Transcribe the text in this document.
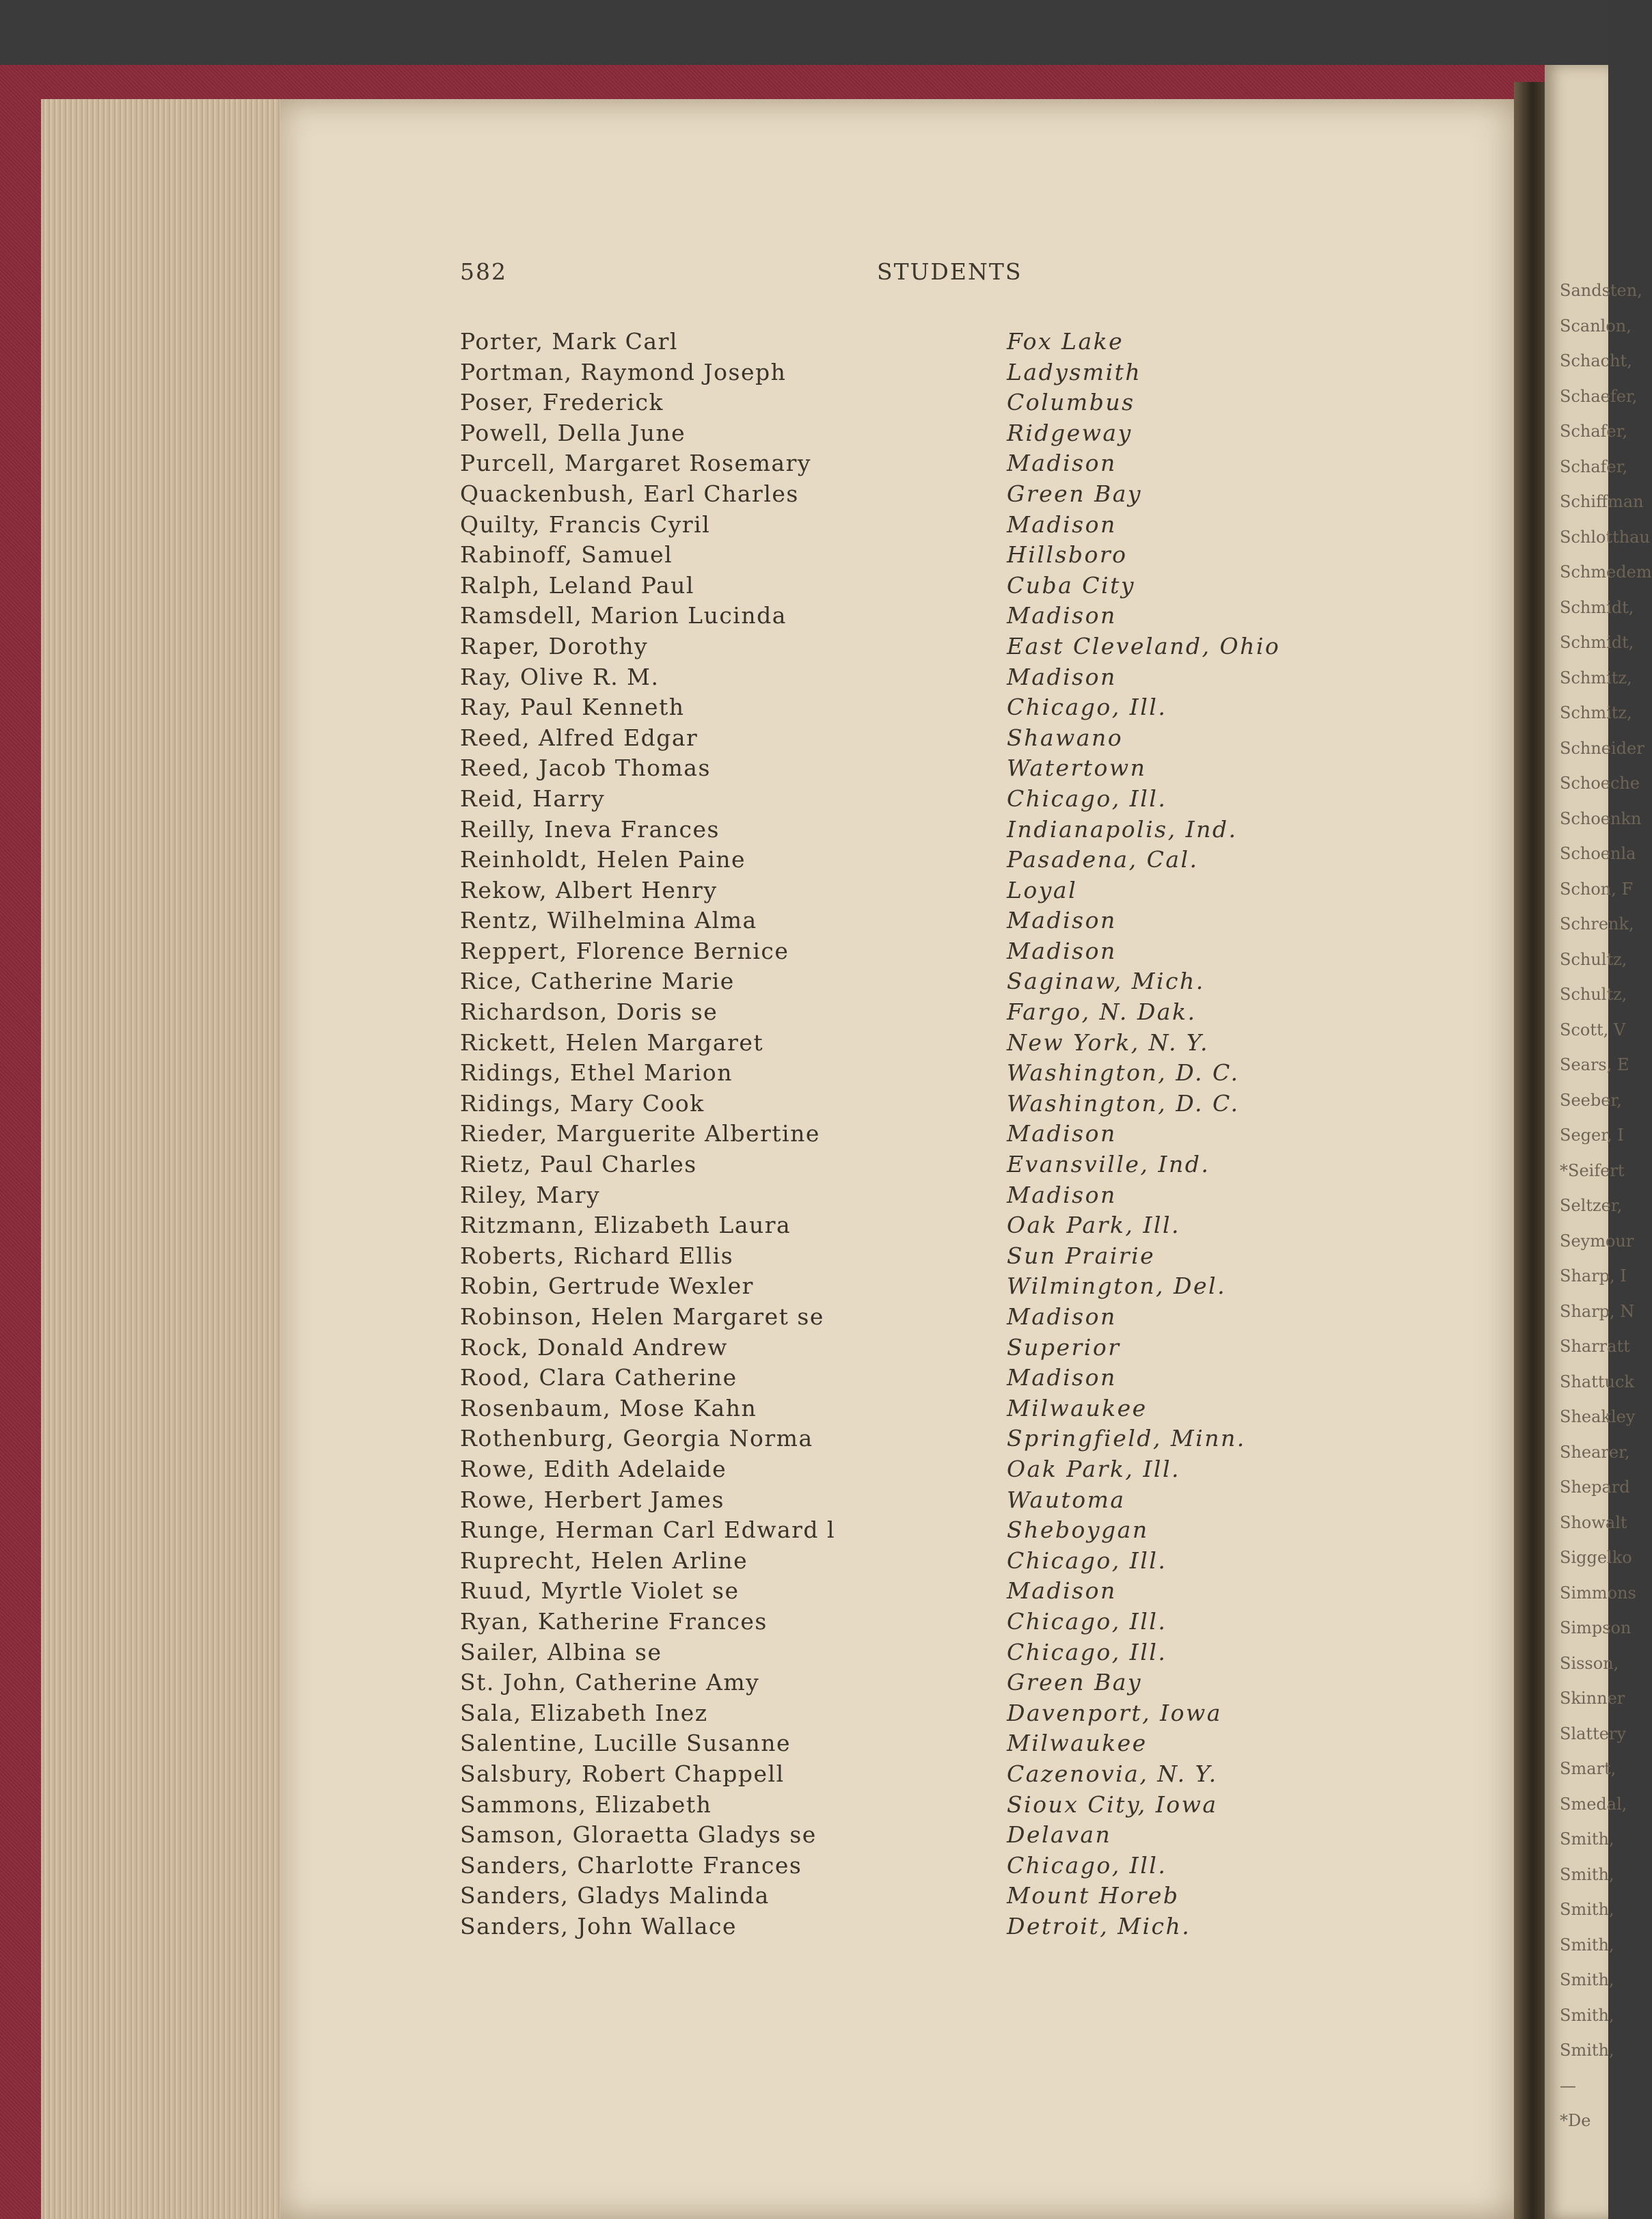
Sandsten,
Scanlon,
Schacht,
Schaefer,
Schafer,
Schafer,
Schiffman
Schlotthau
Schmedem
Schmidt,
Schmidt,
Schmitz,
Schmitz,
Schneider
Schoeche
Schoenkn
Schoenla
Schon, F
Schrenk,
Schultz,
Schultz,
Scott, V
Sears, E
Seeber,
Seger, I
*Seifert
Seltzer,
Seymour
Sharp, I
Sharp, N
Sharratt
Shattuck
Sheakley
Shearer,
Shepard
Showalt
Siggelko
Simmons
Simpson
Sisson,
Skinner
Slattery
Smart,
Smedal,
Smith,
Smith,
Smith,
Smith,
Smith,
Smith,
Smith,
—
*De
582	STUDENTS
Porter, Mark Carl	Fox Lake
Portman, Raymond Joseph	Ladysmith
Poser, Frederick	Columbus
Powell, Della June	Ridgeway
Purcell, Margaret Rosemary	Madison
Quackenbush, Earl Charles	Green Bay
Quilty, Francis Cyril	Madison
Rabinoff, Samuel	Hillsboro
Ralph, Leland Paul	Cuba City
Ramsdell, Marion Lucinda	Madison
Raper, Dorothy	East Cleveland, Ohio
Ray, Olive R. M.	Madison
Ray, Paul Kenneth	Chicago, Ill.
Reed, Alfred Edgar	Shawano
Reed, Jacob Thomas	Watertown
Reid, Harry	Chicago, Ill.
Reilly, Ineva Frances	Indianapolis, Ind.
Reinholdt, Helen Paine	Pasadena, Cal.
Rekow, Albert Henry	Loyal
Rentz, Wilhelmina Alma	Madison
Reppert, Florence Bernice	Madison
Rice, Catherine Marie	Saginaw, Mich.
Richardson, Doris se	Fargo, N. Dak.
Rickett, Helen Margaret	New York, N. Y.
Ridings, Ethel Marion	Washington, D. C.
Ridings, Mary Cook	Washington, D. C.
Rieder, Marguerite Albertine	Madison
Rietz, Paul Charles	Evansville, Ind.
Riley, Mary	Madison
Ritzmann, Elizabeth Laura	Oak Park, Ill.
Roberts, Richard Ellis	Sun Prairie
Robin, Gertrude Wexler	Wilmington, Del.
Robinson, Helen Margaret se	Madison
Rock, Donald Andrew	Superior
Rood, Clara Catherine	Madison
Rosenbaum, Mose Kahn	Milwaukee
Rothenburg, Georgia Norma	Springfield, Minn.
Rowe, Edith Adelaide	Oak Park, Ill.
Rowe, Herbert James	Wautoma
Runge, Herman Carl Edward l	Sheboygan
Ruprecht, Helen Arline	Chicago, Ill.
Ruud, Myrtle Violet se	Madison
Ryan, Katherine Frances	Chicago, Ill.
Sailer, Albina se	Chicago, Ill.
St. John, Catherine Amy	Green Bay
Sala, Elizabeth Inez	Davenport, Iowa
Salentine, Lucille Susanne	Milwaukee
Salsbury, Robert Chappell	Cazenovia, N. Y.
Sammons, Elizabeth	Sioux City, Iowa
Samson, Gloraetta Gladys se	Delavan
Sanders, Charlotte Frances	Chicago, Ill.
Sanders, Gladys Malinda	Mount Horeb
Sanders, John Wallace	Detroit, Mich.
